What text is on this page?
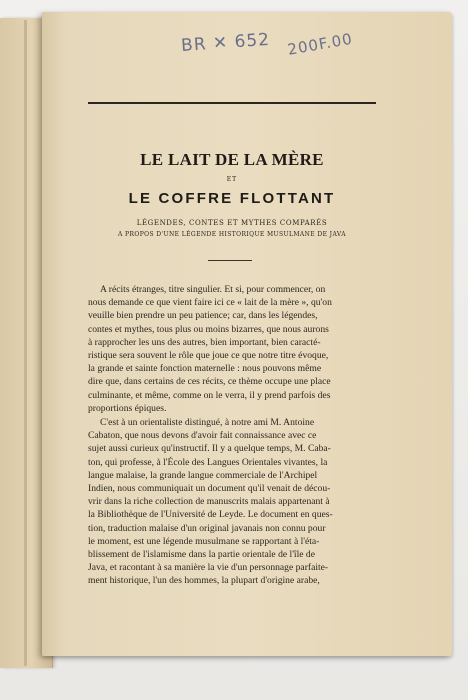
BR ✕ 652 200F.00
LE LAIT DE LA MÈRE
ET
LE COFFRE FLOTTANT
LÉGENDES, CONTES ET MYTHES COMPARÉS
A PROPOS D'UNE LÉGENDE HISTORIQUE MUSULMANE DE JAVA
A récits étranges, titre singulier. Et si, pour commencer, on
nous demande ce que vient faire ici ce « lait de la mère », qu'on
veuille bien prendre un peu patience; car, dans les légendes,
contes et mythes, tous plus ou moins bizarres, que nous aurons
à rapprocher les uns des autres, bien important, bien caracté-
ristique sera souvent le rôle que joue ce que notre titre évoque,
la grande et sainte fonction maternelle : nous pouvons même
dire que, dans certains de ces récits, ce thème occupe une place
culminante, et même, comme on le verra, il y prend parfois des
proportions épiques.
C'est à un orientaliste distingué, à notre ami M. Antoine
Cabaton, que nous devons d'avoir fait connaissance avec ce
sujet aussi curieux qu'instructif. Il y a quelque temps, M. Caba-
ton, qui professe, à l'École des Langues Orientales vivantes, la
langue malaise, la grande langue commerciale de l'Archipel
Indien, nous communiquait un document qu'il venait de décou-
vrir dans la riche collection de manuscrits malais appartenant à
la Bibliothèque de l'Université de Leyde. Le document en ques-
tion, traduction malaise d'un original javanais non connu pour
le moment, est une légende musulmane se rapportant à l'éta-
blissement de l'islamisme dans la partie orientale de l'île de
Java, et racontant à sa manière la vie d'un personnage parfaite-
ment historique, l'un des hommes, la plupart d'origine arabe,
